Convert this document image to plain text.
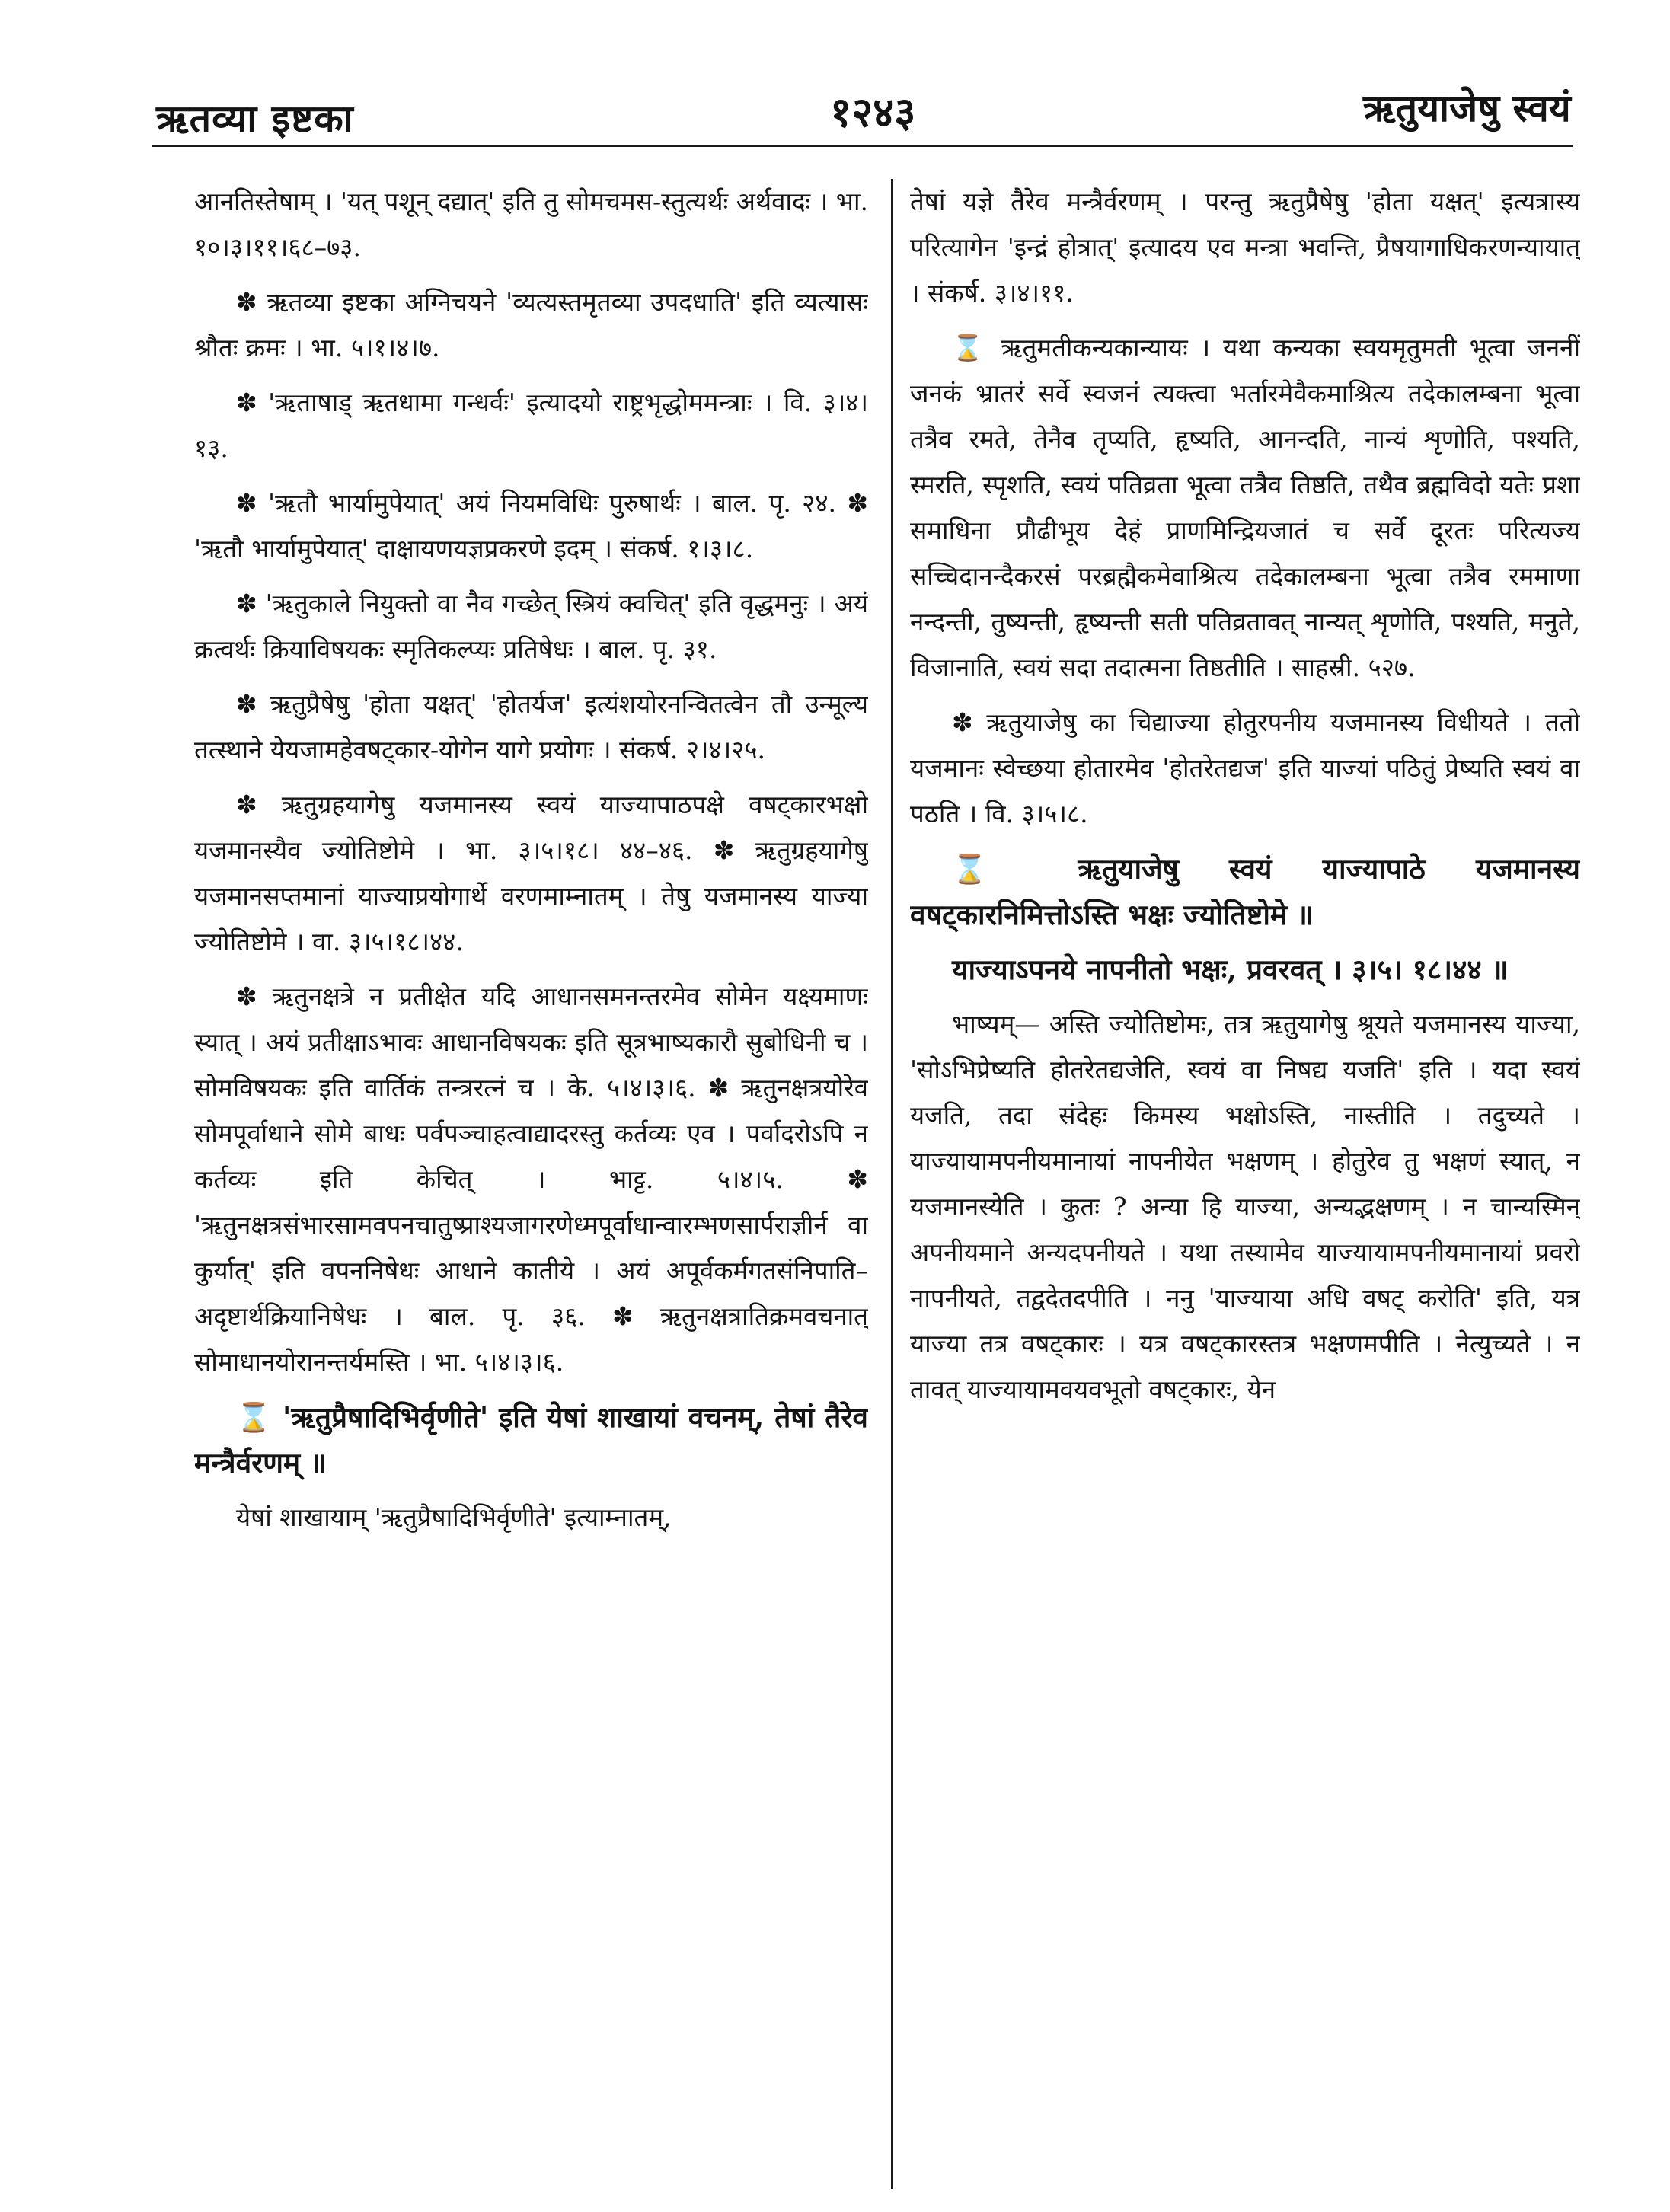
ऋतव्या इष्टका	१२४३	ऋतुयाजेषु स्वयं

आनतिस्तेषाम् । 'यत् पशून् दद्यात्' इति तु सोमचमस-स्तुत्यर्थः अर्थवादः । भा. १०।३।११।६८–७३.

✽ ऋतव्या इष्टका अग्निचयने 'व्यत्यस्तमृतव्या उपदधाति' इति व्यत्यासः श्रौतः क्रमः । भा. ५।१।४।७.

✽ 'ऋताषाड् ऋतधामा गन्धर्वः' इत्यादयो राष्ट्रभृद्धोममन्त्राः । वि. ३।४।१३.

✽ 'ऋतौ भार्यामुपेयात्' अयं नियमविधिः पुरुषार्थः । बाल. पृ. २४. ✽ 'ऋतौ भार्यामुपेयात्' दाक्षायणयज्ञप्रकरणे इदम् । संकर्ष. १।३।८.

✽ 'ऋतुकाले नियुक्तो वा नैव गच्छेत् स्त्रियं क्वचित्' इति वृद्धमनुः । अयं क्रत्वर्थः क्रियाविषयकः स्मृतिकल्प्यः प्रतिषेधः । बाल. पृ. ३१.

✽ ऋतुप्रैषेषु 'होता यक्षत्' 'होतर्यज' इत्यंशयोरनन्वितत्वेन तौ उन्मूल्य तत्स्थाने येयजामहेवषट्कार-योगेन यागे प्रयोगः । संकर्ष. २।४।२५.

✽ ऋतुग्रहयागेषु यजमानस्य स्वयं याज्यापाठपक्षे वषट्कारभक्षो यजमानस्यैव ज्योतिष्टोमे । भा. ३।५।१८। ४४–४६. ✽ ऋतुग्रहयागेषु यजमानसप्तमानां याज्याप्रयोगार्थे वरणमाम्नातम् । तेषु यजमानस्य याज्या ज्योतिष्टोमे । वा. ३।५।१८।४४.

✽ ऋतुनक्षत्रे न प्रतीक्षेत यदि आधानसमनन्तरमेव सोमेन यक्ष्यमाणः स्यात् । अयं प्रतीक्षाऽभावः आधानविषयकः इति सूत्रभाष्यकारौ सुबोधिनी च । सोमविषयकः इति वार्तिकं तन्त्ररत्नं च । के. ५।४।३।६. ✽ ऋतुनक्षत्रयोरेव सोमपूर्वाधाने सोमे बाधः पर्वपञ्चाहत्वाद्यादरस्तु कर्तव्यः एव । पर्वादरोऽपि न कर्तव्यः इति केचित् । भाट्ट. ५।४।५. ✽ 'ऋतुनक्षत्रसंभारसामवपनचातुष्प्राश्यजागरणेध्मपूर्वाधान्वारम्भणसार्पराज्ञीर्न वा कुर्यात्' इति वपननिषेधः आधाने कातीये । अयं अपूर्वकर्मगतसंनिपाति–अदृष्टार्थक्रियानिषेधः । बाल. पृ. ३६. ✽ ऋतुनक्षत्रातिक्रमवचनात् सोमाधानयोरानन्तर्यमस्ति । भा. ५।४।३।६.

⌛ 'ऋतुप्रैषादिभिर्वृणीते' इति येषां शाखायां वचनम्, तेषां तैरेव मन्त्रैर्वरणम् ॥

येषां शाखायाम् 'ऋतुप्रैषादिभिर्वृणीते' इत्याम्नातम्,

तेषां यज्ञे तैरेव मन्त्रैर्वरणम् । परन्तु ऋतुप्रैषेषु 'होता यक्षत्' इत्यत्रास्य परित्यागेन 'इन्द्रं होत्रात्' इत्यादय एव मन्त्रा भवन्ति, प्रैषयागाधिकरणन्यायात् । संकर्ष. ३।४।११.

⌛ ऋतुमतीकन्यकान्यायः । यथा कन्यका स्वयमृतुमती भूत्वा जननीं जनकं भ्रातरं सर्वे स्वजनं त्यक्त्वा भर्तारमेवैकमाश्रित्य तदेकालम्बना भूत्वा तत्रैव रमते, तेनैव तृप्यति, हृष्यति, आनन्दति, नान्यं शृणोति, पश्यति, स्मरति, स्पृशति, स्वयं पतिव्रता भूत्वा तत्रैव तिष्ठति, तथैव ब्रह्मविदो यतेः प्रशा समाधिना प्रौढीभूय देहं प्राणमिन्द्रियजातं च सर्वे दूरतः परित्यज्य सच्चिदानन्दैकरसं परब्रह्मैकमेवाश्रित्य तदेकालम्बना भूत्वा तत्रैव रममाणा नन्दन्ती, तुष्यन्ती, हृष्यन्ती सती पतिव्रतावत् नान्यत् शृणोति, पश्यति, मनुते, विजानाति, स्वयं सदा तदात्मना तिष्ठतीति । साहस्री. ५२७.

✽ ऋतुयाजेषु का चिद्याज्या होतुरपनीय यजमानस्य विधीयते । ततो यजमानः स्वेच्छया होतारमेव 'होतरेतद्यज' इति याज्यां पठितुं प्रेष्यति स्वयं वा पठति । वि. ३।५।८.

⌛ ऋतुयाजेषु स्वयं याज्यापाठे यजमानस्य वषट्कारनिमित्तोऽस्ति भक्षः ज्योतिष्टोमे ॥

याज्याऽपनये नापनीतो भक्षः, प्रवरवत् । ३।५। १८।४४ ॥

भाष्यम्— अस्ति ज्योतिष्टोमः, तत्र ऋतुयागेषु श्रूयते यजमानस्य याज्या, 'सोऽभिप्रेष्यति होतरेतद्यजेति, स्वयं वा निषद्य यजति' इति । यदा स्वयं यजति, तदा संदेहः किमस्य भक्षोऽस्ति, नास्तीति । तदुच्यते । याज्यायामपनीयमानायां नापनीयेत भक्षणम् । होतुरेव तु भक्षणं स्यात्, न यजमानस्येति । कुतः ? अन्या हि याज्या, अन्यद्भक्षणम् । न चान्यस्मिन् अपनीयमाने अन्यदपनीयते । यथा तस्यामेव याज्यायामपनीयमानायां प्रवरो नापनीयते, तद्वदेतदपीति । ननु 'याज्याया अधि वषट् करोति' इति, यत्र याज्या तत्र वषट्कारः । यत्र वषट्कारस्तत्र भक्षणमपीति । नेत्युच्यते । न तावत् याज्यायामवयवभूतो वषट्कारः, येन
